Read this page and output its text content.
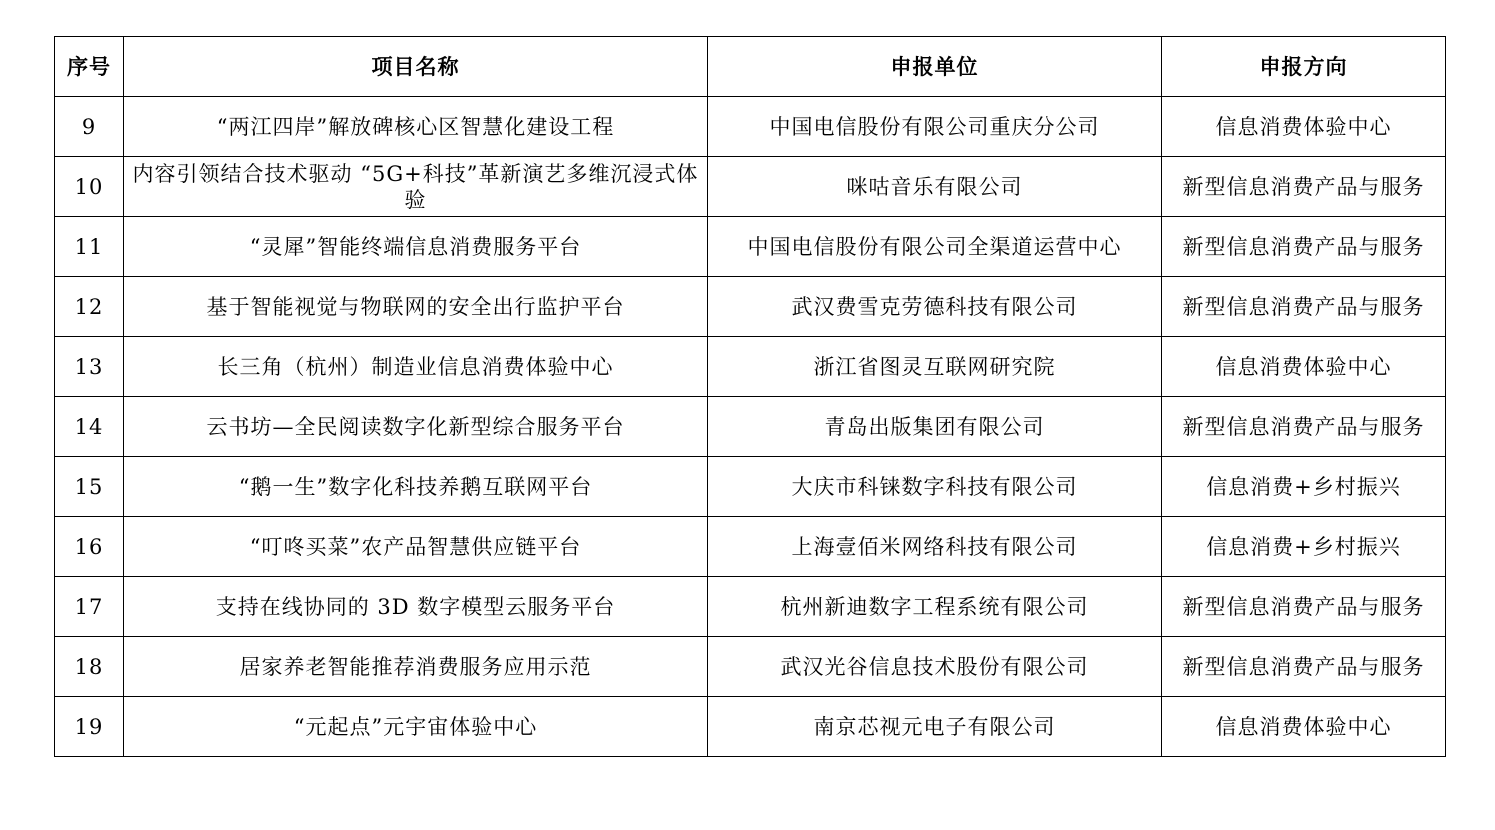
序号	项目名称	申报单位	申报方向
9	“两江四岸”解放碑核心区智慧化建设工程	中国电信股份有限公司重庆分公司	信息消费体验中心
10	内容引领结合技术驱动 “5G+科技”革新演艺多维沉浸式体验	咪咕音乐有限公司	新型信息消费产品与服务
11	“灵犀”智能终端信息消费服务平台	中国电信股份有限公司全渠道运营中心	新型信息消费产品与服务
12	基于智能视觉与物联网的安全出行监护平台	武汉费雪克劳德科技有限公司	新型信息消费产品与服务
13	长三角（杭州）制造业信息消费体验中心	浙江省图灵互联网研究院	信息消费体验中心
14	云书坊—全民阅读数字化新型综合服务平台	青岛出版集团有限公司	新型信息消费产品与服务
15	“鹅一生”数字化科技养鹅互联网平台	大庆市科铼数字科技有限公司	信息消费+乡村振兴
16	“叮咚买菜”农产品智慧供应链平台	上海壹佰米网络科技有限公司	信息消费+乡村振兴
17	支持在线协同的 3D 数字模型云服务平台	杭州新迪数字工程系统有限公司	新型信息消费产品与服务
18	居家养老智能推荐消费服务应用示范	武汉光谷信息技术股份有限公司	新型信息消费产品与服务
19	“元起点”元宇宙体验中心	南京芯视元电子有限公司	信息消费体验中心
